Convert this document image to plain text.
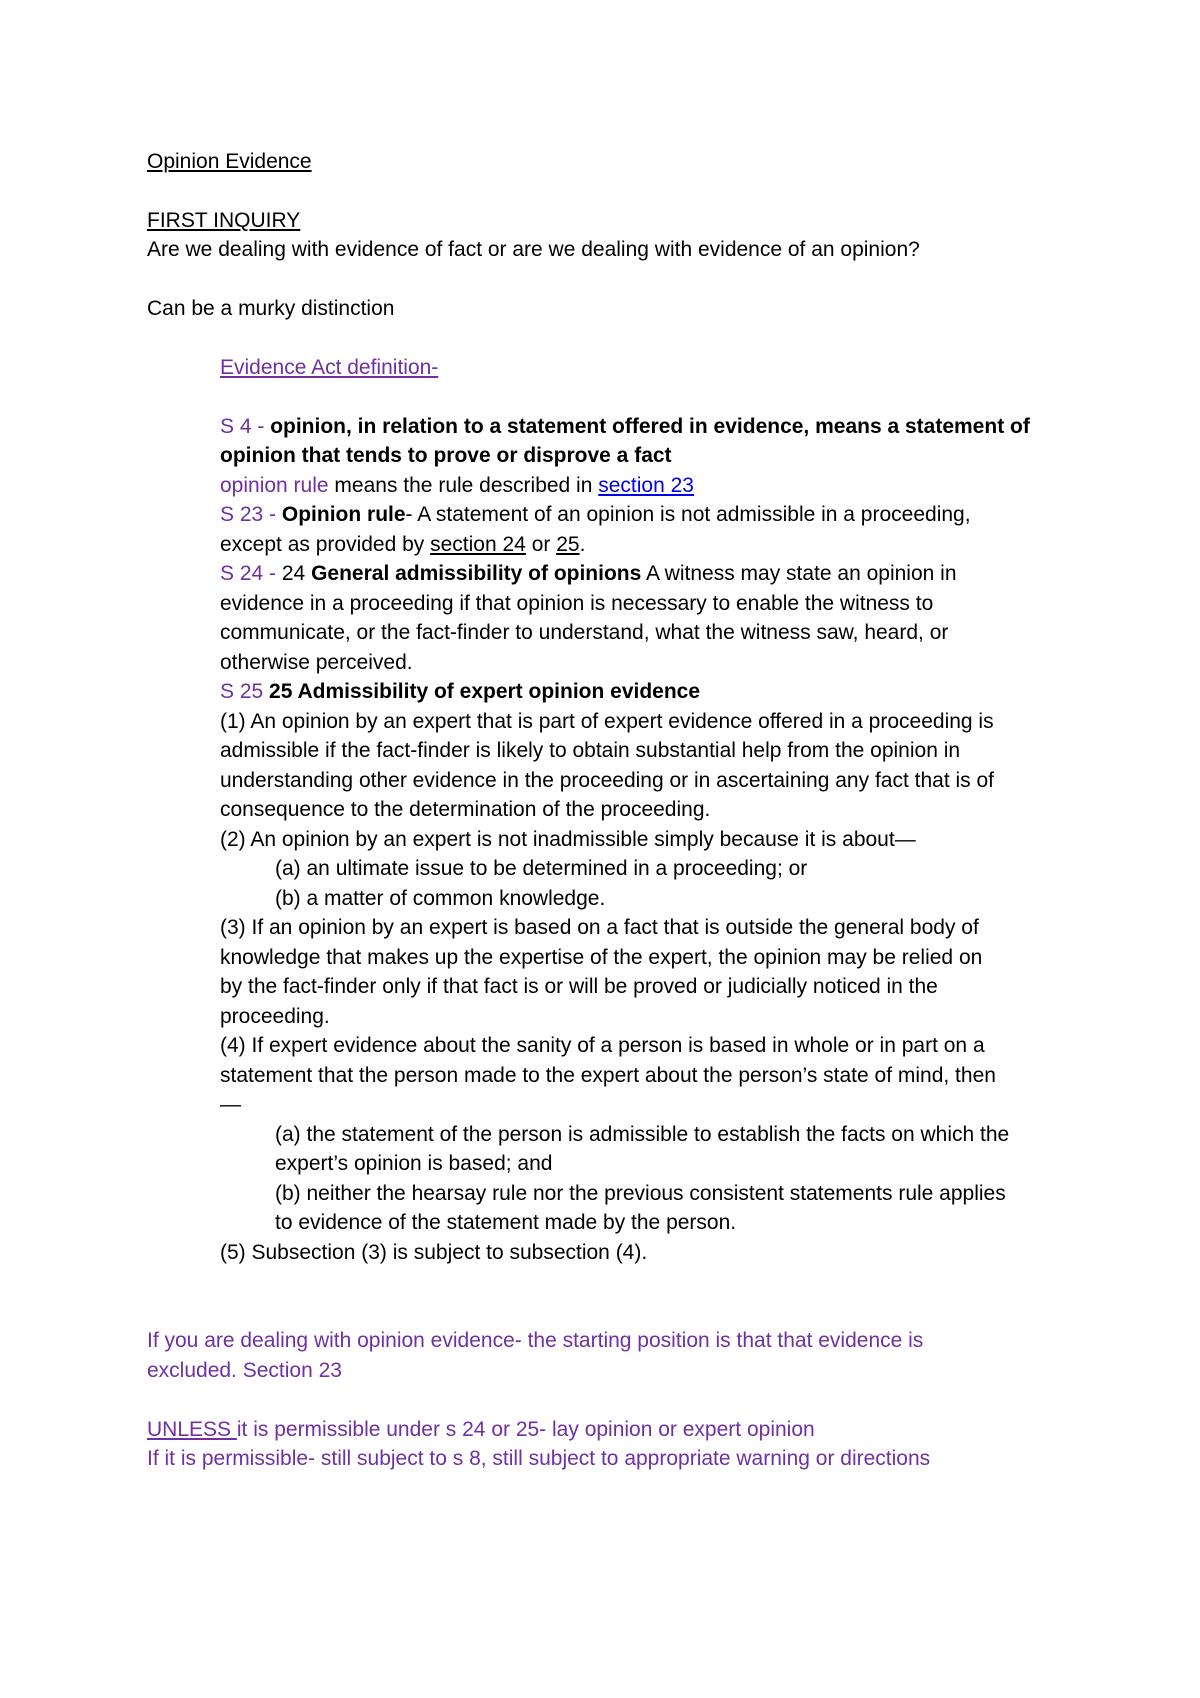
Opinion Evidence
FIRST INQUIRY
Are we dealing with evidence of fact or are we dealing with evidence of an opinion?
Can be a murky distinction
Evidence Act definition-
S 4 - opinion, in relation to a statement offered in evidence, means a statement of
opinion that tends to prove or disprove a fact
opinion rule means the rule described in section 23
S 23 - Opinion rule- A statement of an opinion is not admissible in a proceeding,
except as provided by section 24 or 25.
S 24 - 24 General admissibility of opinions A witness may state an opinion in
evidence in a proceeding if that opinion is necessary to enable the witness to
communicate, or the fact-finder to understand, what the witness saw, heard, or
otherwise perceived.
S 25 25 Admissibility of expert opinion evidence
(1) An opinion by an expert that is part of expert evidence offered in a proceeding is
admissible if the fact-finder is likely to obtain substantial help from the opinion in
understanding other evidence in the proceeding or in ascertaining any fact that is of
consequence to the determination of the proceeding.
(2) An opinion by an expert is not inadmissible simply because it is about—
(a) an ultimate issue to be determined in a proceeding; or
(b) a matter of common knowledge.
(3) If an opinion by an expert is based on a fact that is outside the general body of
knowledge that makes up the expertise of the expert, the opinion may be relied on
by the fact-finder only if that fact is or will be proved or judicially noticed in the
proceeding.
(4) If expert evidence about the sanity of a person is based in whole or in part on a
statement that the person made to the expert about the person’s state of mind, then
—
(a) the statement of the person is admissible to establish the facts on which the
expert’s opinion is based; and
(b) neither the hearsay rule nor the previous consistent statements rule applies
to evidence of the statement made by the person.
(5) Subsection (3) is subject to subsection (4).
If you are dealing with opinion evidence- the starting position is that that evidence is
excluded. Section 23
UNLESS it is permissible under s 24 or 25- lay opinion or expert opinion
If it is permissible- still subject to s 8, still subject to appropriate warning or directions
